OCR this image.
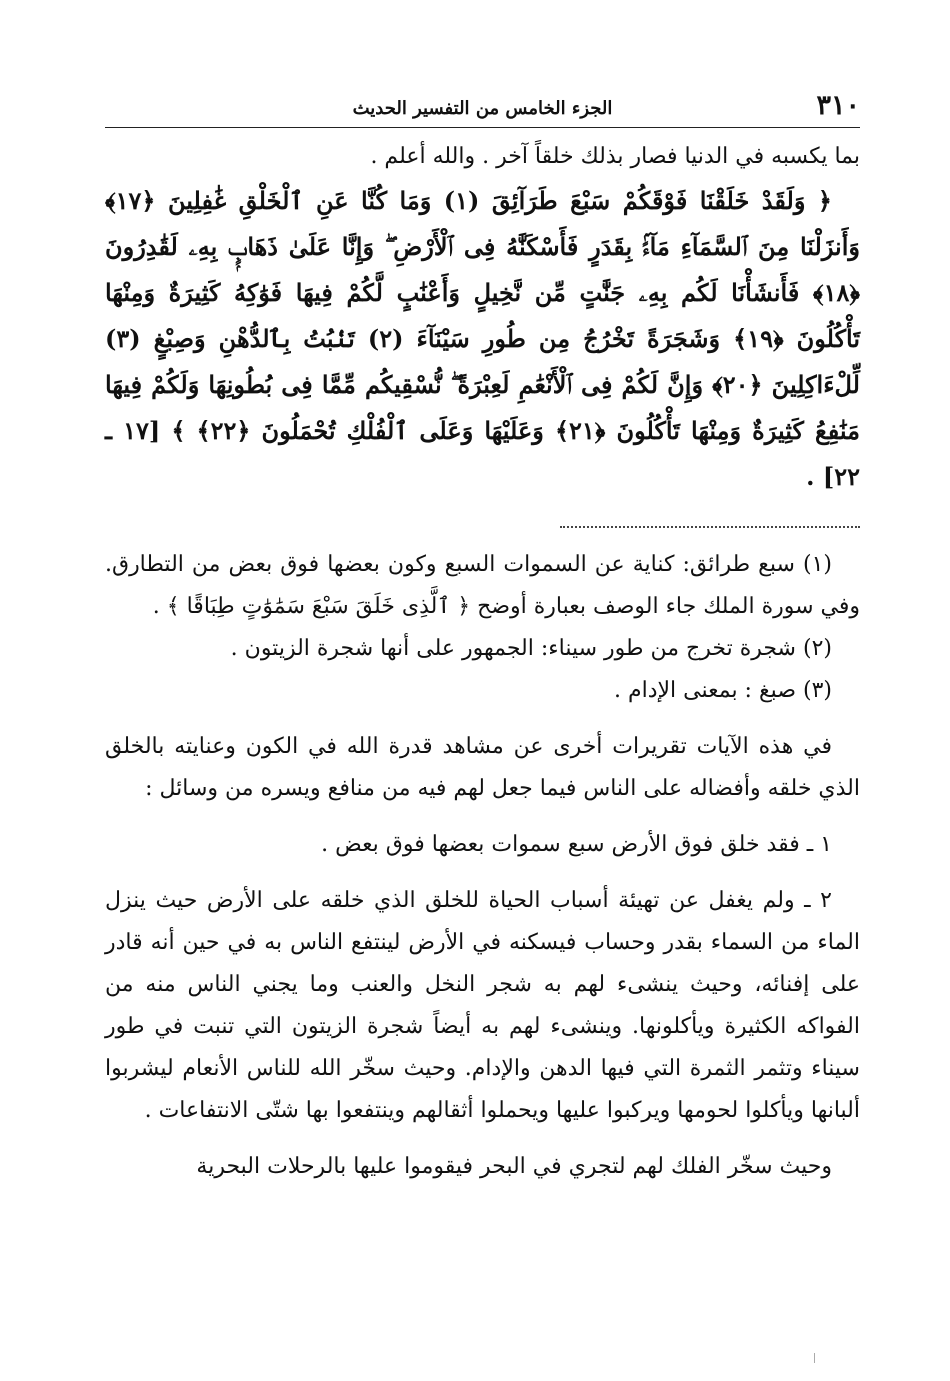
٣١٠
الجزء الخامس من التفسير الحديث

بما يكسبه في الدنيا فصار بذلك خلقاً آخر . والله أعلم .

﴿ وَلَقَدْ خَلَقْنَا فَوْقَكُمْ سَبْعَ طَرَآئِقَ (١) وَمَا كُنَّا عَنِ ٱلْخَلْقِ غَٰفِلِينَ ﴿١٧﴾ وَأَنزَلْنَا مِنَ ٱلسَّمَآءِ مَآءًۢ بِقَدَرٍ فَأَسْكَنَّٰهُ فِى ٱلْأَرْضِ ۖ وَإِنَّا عَلَىٰ ذَهَابٍۭ بِهِۦ لَقَٰدِرُونَ ﴿١٨﴾ فَأَنشَأْنَا لَكُم بِهِۦ جَنَّٰتٍ مِّن نَّخِيلٍ وَأَعْنَٰبٍ لَّكُمْ فِيهَا فَوَٰكِهُ كَثِيرَةٌ وَمِنْهَا تَأْكُلُونَ ﴿١٩﴾ وَشَجَرَةً تَخْرُجُ مِن طُورِ سَيْنَآءَ (٢) تَنۢبُتُ بِٱلدُّهْنِ وَصِبْغٍ (٣) لِّلْءَاكِلِينَ ﴿٢٠﴾ وَإِنَّ لَكُمْ فِى ٱلْأَنْعَٰمِ لَعِبْرَةً ۖ نُّسْقِيكُم مِّمَّا فِى بُطُونِهَا وَلَكُمْ فِيهَا مَنَٰفِعُ كَثِيرَةٌ وَمِنْهَا تَأْكُلُونَ ﴿٢١﴾ وَعَلَيْهَا وَعَلَى ٱلْفُلْكِ تُحْمَلُونَ ﴿٢٢﴾ ﴾ [١٧ ـ ٢٢] .

(١) سبع طرائق: كناية عن السموات السبع وكون بعضها فوق بعض من التطارق. وفي سورة الملك جاء الوصف بعبارة أوضح ﴿ ٱلَّذِى خَلَقَ سَبْعَ سَمَٰوَٰتٍ طِبَاقًا ﴾ .

(٢) شجرة تخرج من طور سيناء: الجمهور على أنها شجرة الزيتون .

(٣) صبغ : بمعنى الإدام .

في هذه الآيات تقريرات أخرى عن مشاهد قدرة الله في الكون وعنايته بالخلق الذي خلقه وأفضاله على الناس فيما جعل لهم فيه من منافع ويسره من وسائل :

١ ـ فقد خلق فوق الأرض سبع سموات بعضها فوق بعض .

٢ ـ ولم يغفل عن تهيئة أسباب الحياة للخلق الذي خلقه على الأرض حيث ينزل الماء من السماء بقدر وحساب فيسكنه في الأرض لينتفع الناس به في حين أنه قادر على إفنائه، وحيث ينشىء لهم به شجر النخل والعنب وما يجني الناس منه من الفواكه الكثيرة ويأكلونها. وينشىء لهم به أيضاً شجرة الزيتون التي تنبت في طور سيناء وتثمر الثمرة التي فيها الدهن والإدام. وحيث سخّر الله للناس الأنعام ليشربوا ألبانها ويأكلوا لحومها ويركبوا عليها ويحملوا أثقالهم وينتفعوا بها شتّى الانتفاعات .

وحيث سخّر الفلك لهم لتجري في البحر فيقوموا عليها بالرحلات البحرية
